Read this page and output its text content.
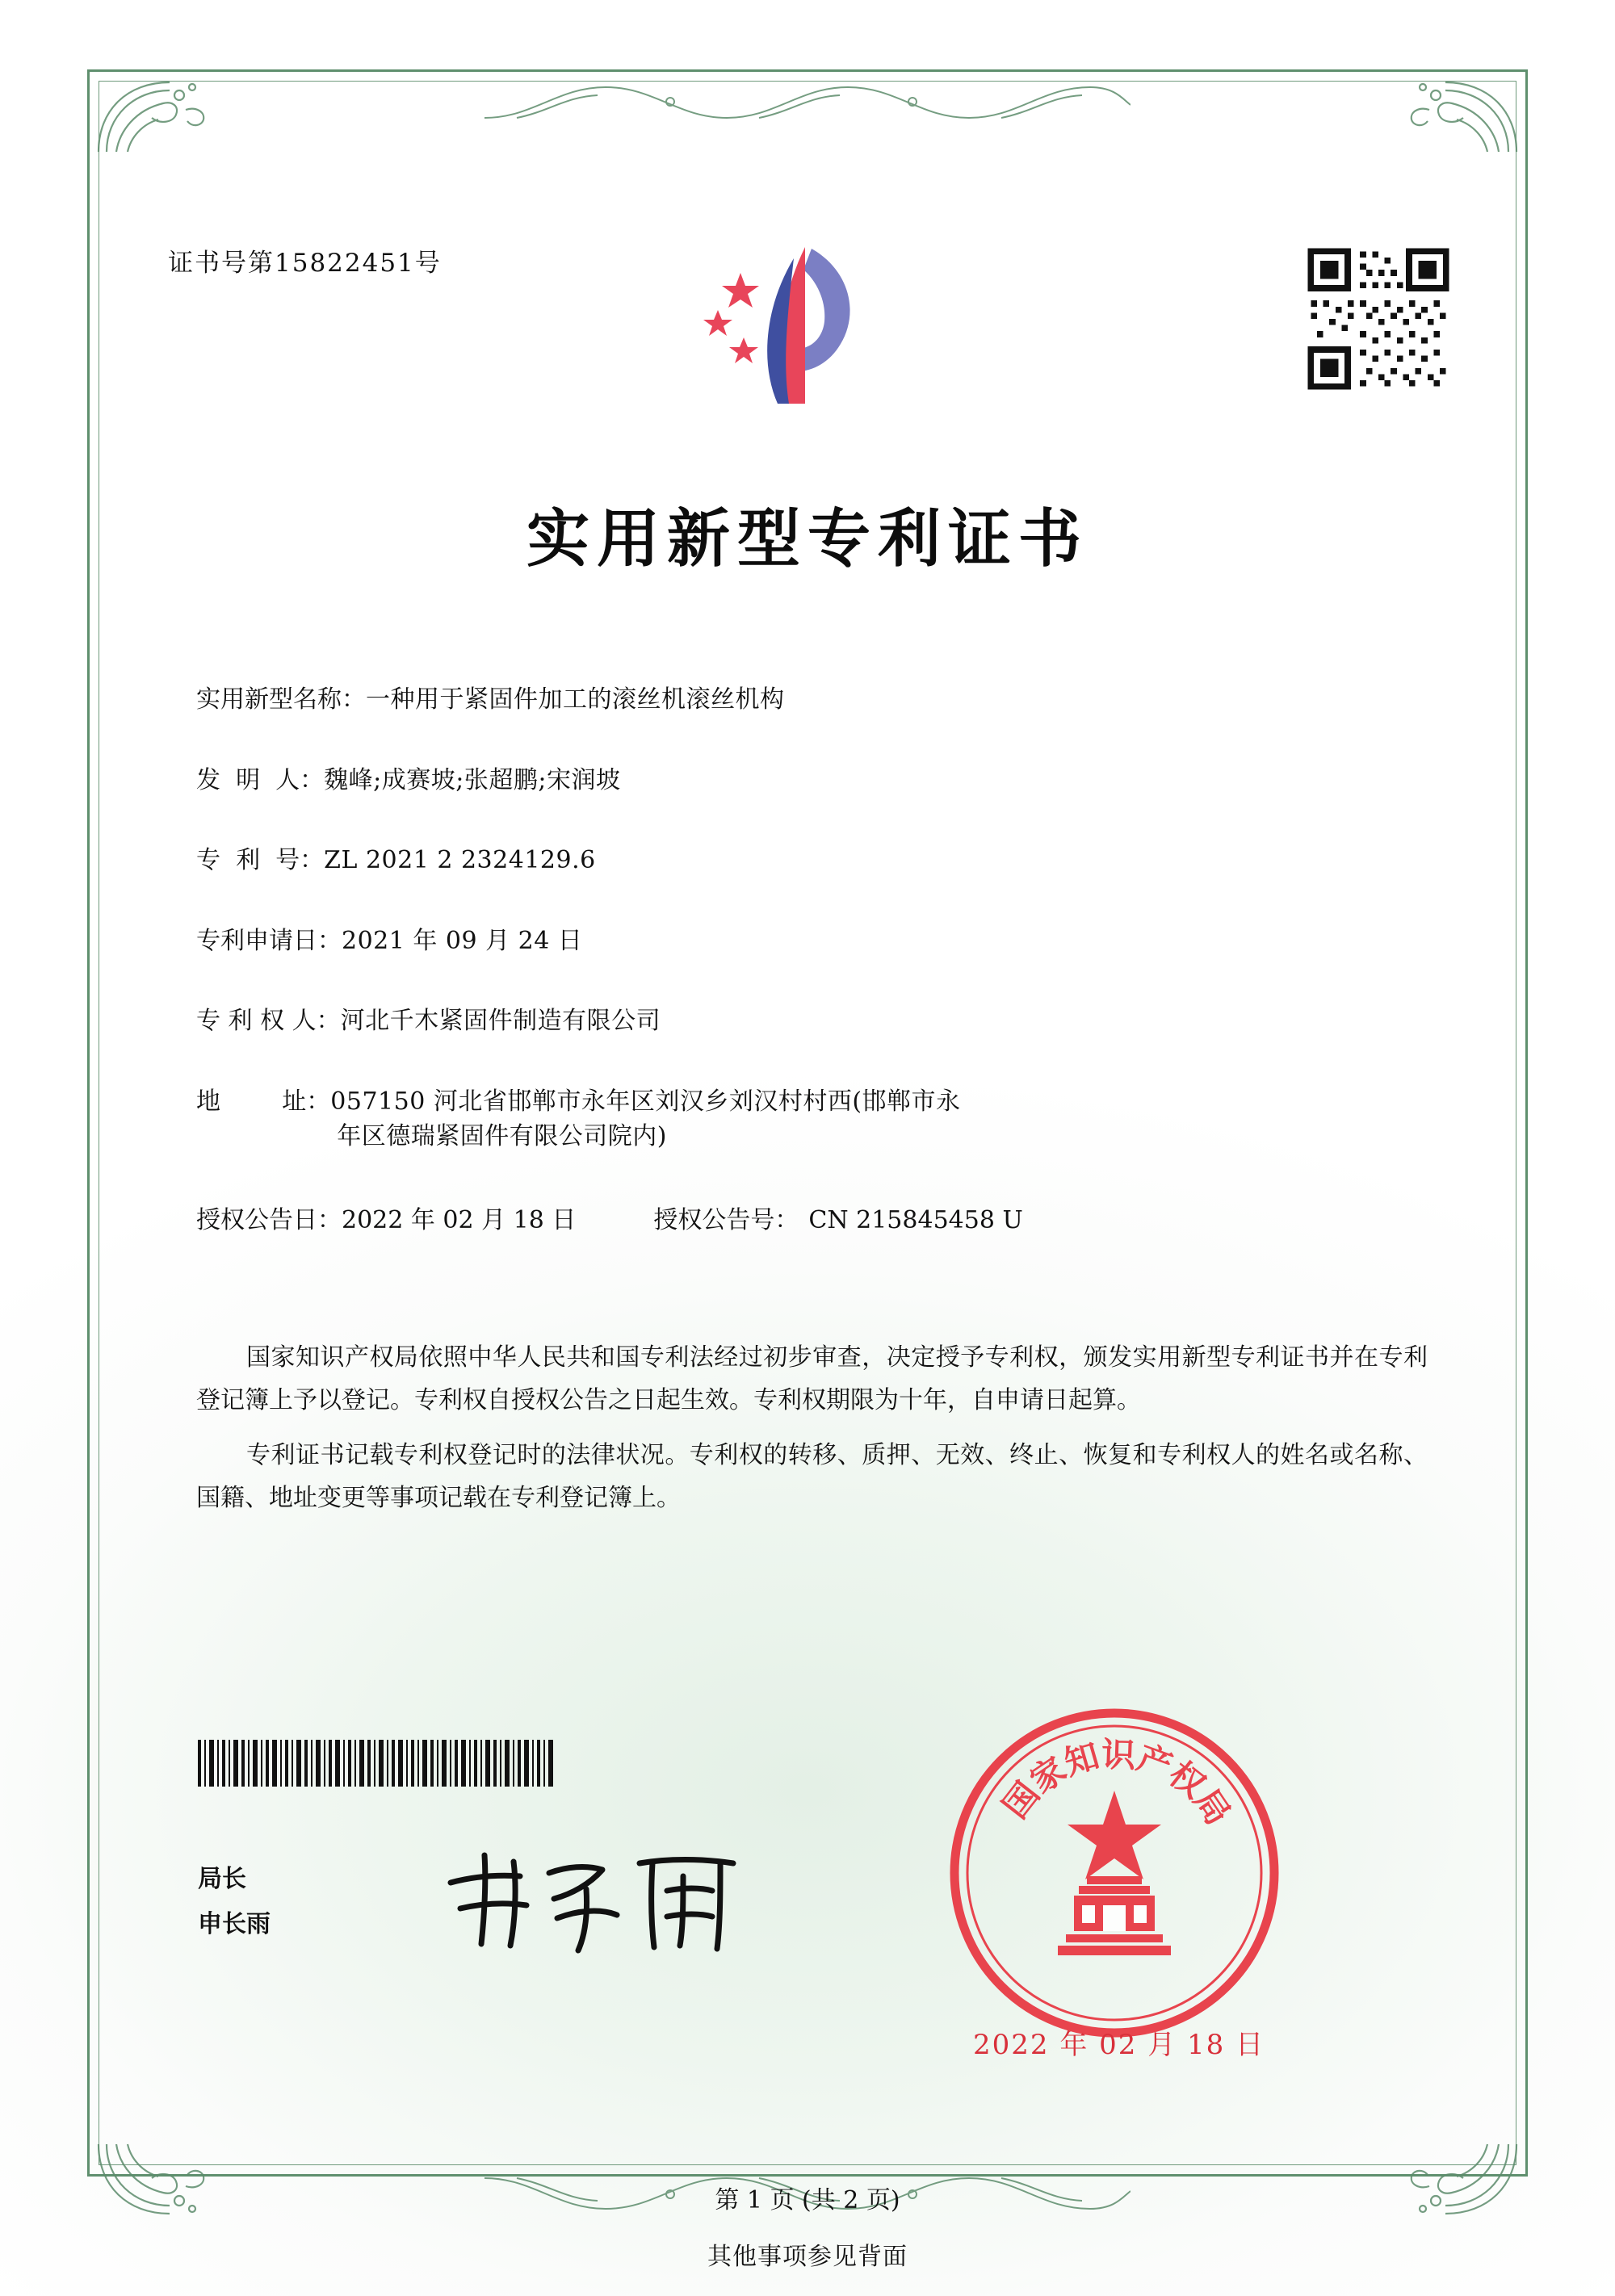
证书号第15822451号
实用新型专利证书
实用新型名称： 一种用于紧固件加工的滚丝机滚丝机构
发  明  人： 魏峰;成赛坡;张超鹏;宋润坡
专  利  号： ZL 2021 2 2324129.6
专利申请日： 2021 年 09 月 24 日
专 利 权 人： 河北千木紧固件制造有限公司
地        址： 057150 河北省邯郸市永年区刘汉乡刘汉村村西(邯郸市永
年区德瑞紧固件有限公司院内)
授权公告日： 2022 年 02 月 18 日	授权公告号： CN 215845458 U

国家知识产权局依照中华人民共和国专利法经过初步审查，决定授予专利权，颁发实用新型专利证书并在专利登记簿上予以登记。专利权自授权公告之日起生效。专利权期限为十年，自申请日起算。

专利证书记载专利权登记时的法律状况。专利权的转移、质押、无效、终止、恢复和专利权人的姓名或名称、国籍、地址变更等事项记载在专利登记簿上。

局长
申长雨
国
家
知
识
产
权
局
2022 年 02 月 18 日
第 1 页 (共 2 页)
其他事项参见背面
